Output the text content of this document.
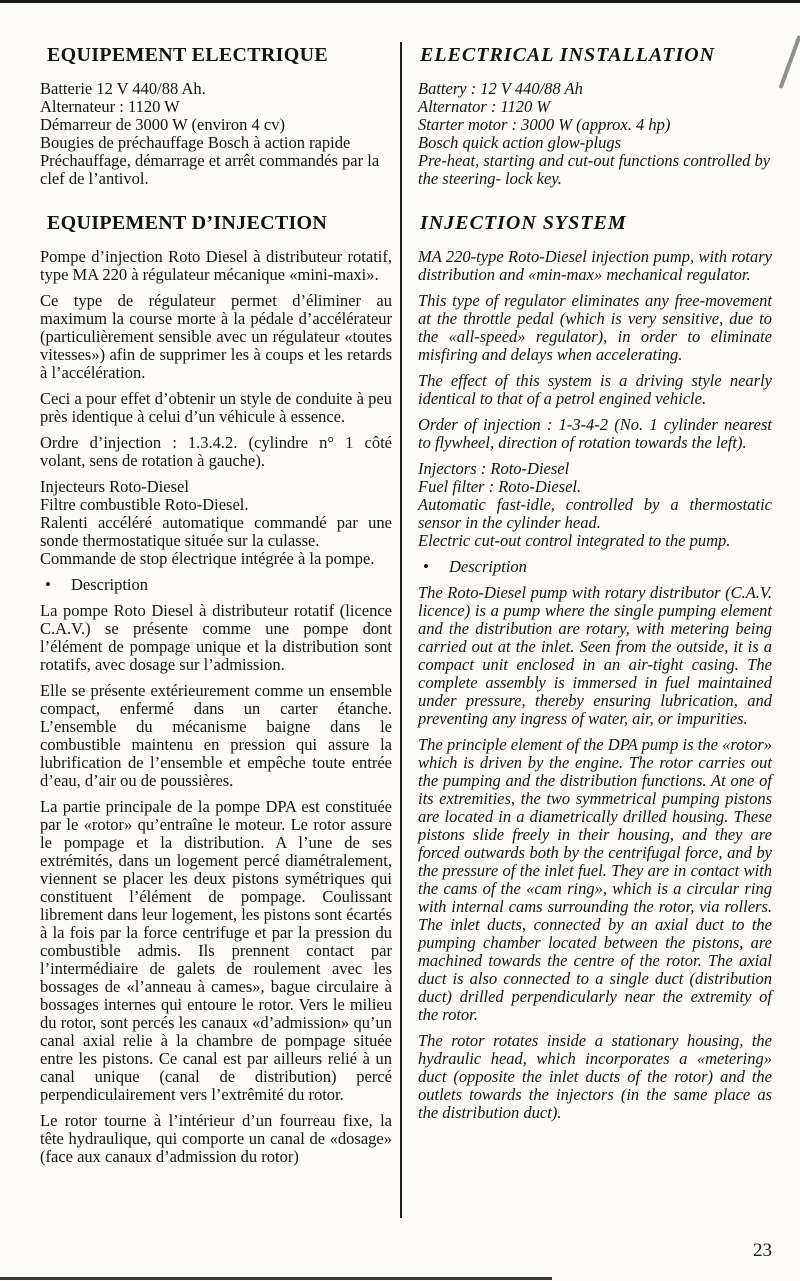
EQUIPEMENT ELECTRIQUE

Batterie 12 V 440/88 Ah.

Alternateur : 1120 W

Démarreur de 3000 W (environ 4 cv)

Bougies de préchauffage Bosch à action rapide

Préchauffage, démarrage et arrêt commandés par la clef de l’antivol.

EQUIPEMENT D’INJECTION

Pompe d’injection Roto Diesel à distributeur rotatif, type MA 220 à régulateur mécanique «mini-maxi».

Ce type de régulateur permet d’éliminer au maximum la course morte à la pédale d’accélérateur (particulièrement sensible avec un régulateur «toutes vitesses») afin de supprimer les à coups et les retards à l’accélération.

Ceci a pour effet d’obtenir un style de conduite à peu près identique à celui d’un véhicule à essence.

Ordre d’injection : 1.3.4.2. (cylindre n° 1 côté volant, sens de rotation à gauche).

Injecteurs Roto-Diesel

Filtre combustible Roto-Diesel.

Ralenti accéléré automatique commandé par une sonde thermostatique située sur la culasse.

Commande de stop électrique intégrée à la pompe.

•	Description

La pompe Roto Diesel à distributeur rotatif (licence C.A.V.) se présente comme une pompe dont l’élément de pompage unique et la distribution sont rotatifs, avec dosage sur l’admission.

Elle se présente extérieurement comme un ensemble compact, enfermé dans un carter étanche. L’ensemble du mécanisme baigne dans le combustible maintenu en pression qui assure la lubrification de l’ensemble et empêche toute entrée d’eau, d’air ou de poussières.

La partie principale de la pompe DPA est constituée par le «rotor» qu’entraîne le moteur. Le rotor assure le pompage et la distribution. A l’une de ses extrémités, dans un logement percé diamétralement, viennent se placer les deux pistons symétriques qui constituent l’élément de pompage. Coulissant librement dans leur logement, les pistons sont écartés à la fois par la force centrifuge et par la pression du combustible admis. Ils prennent contact par l’intermédiaire de galets de roulement avec les bossages de «l’anneau à cames», bague circulaire à bossages internes qui entoure le rotor. Vers le milieu du rotor, sont percés les canaux «d’admission» qu’un canal axial relie à la chambre de pompage située entre les pistons. Ce canal est par ailleurs relié à un canal unique (canal de distribution) percé perpendiculairement vers l’extrêmité du rotor.

Le rotor tourne à l’intérieur d’un fourreau fixe, la tête hydraulique, qui comporte un canal de «dosage» (face aux canaux d’admission du rotor)

ELECTRICAL INSTALLATION

Battery : 12 V 440/88 Ah

Alternator : 1120 W

Starter motor : 3000 W (approx. 4 hp)

Bosch quick action glow-plugs

Pre-heat, starting and cut-out functions controlled by the steering- lock key.

INJECTION SYSTEM

MA 220-type Roto-Diesel injection pump, with rotary distribution and «min-max» mechanical regulator.

This type of regulator eliminates any free-movement at the throttle pedal (which is very sensitive, due to the «all-speed» regulator), in order to eliminate misfiring and delays when accelerating.

The effect of this system is a driving style nearly identical to that of a petrol engined vehicle.

Order of injection : 1-3-4-2 (No. 1 cylinder nearest to flywheel, direction of rotation towards the left).

Injectors : Roto-Diesel

Fuel filter : Roto-Diesel.

Automatic fast-idle, controlled by a thermostatic sensor in the cylinder head.

Electric cut-out control integrated to the pump.

•	Description

The Roto-Diesel pump with rotary distributor (C.A.V. licence) is a pump where the single pumping element and the distribution are rotary, with metering being carried out at the inlet. Seen from the outside, it is a compact unit enclosed in an air-tight casing. The complete assembly is immersed in fuel maintained under pressure, thereby ensuring lubrication, and preventing any ingress of water, air, or impurities.

The principle element of the DPA pump is the «rotor» which is driven by the engine. The rotor carries out the pumping and the distribution functions. At one of its extremities, the two symmetrical pumping pistons are located in a diametrically drilled housing. These pistons slide freely in their housing, and they are forced outwards both by the centrifugal force, and by the pressure of the inlet fuel. They are in contact with the cams of the «cam ring», which is a circular ring with internal cams surrounding the rotor, via rollers. The inlet ducts, connected by an axial duct to the pumping chamber located between the pistons, are machined towards the centre of the rotor. The axial duct is also connected to a single duct (distribution duct) drilled perpendicularly near the extremity of the rotor.

The rotor rotates inside a stationary housing, the hydraulic head, which incorporates a «metering» duct (opposite the inlet ducts of the rotor) and the outlets towards the injectors (in the same place as the distribution duct).

23
